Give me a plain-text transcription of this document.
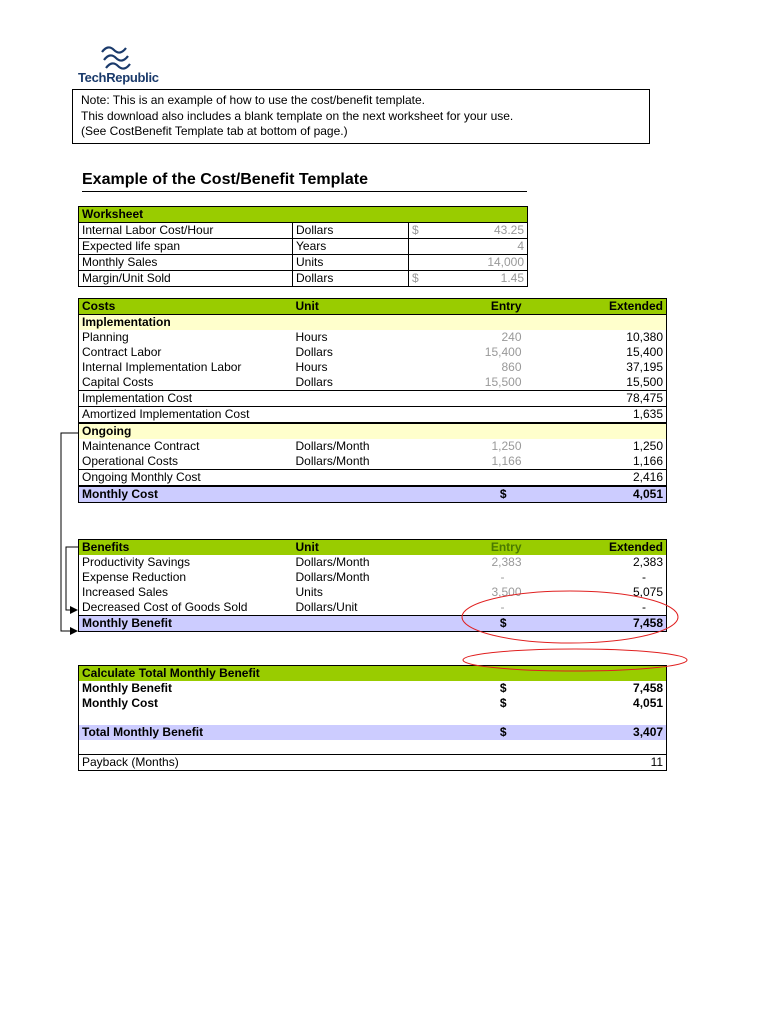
TechRepublic
Note: This is an example of how to use the cost/benefit template.
This download also includes a blank template on the next worksheet for your use.
(See CostBenefit Template tab at bottom of page.)
Example of the Cost/Benefit Template
Worksheet			
Internal Labor Cost/Hour	Dollars	$	43.25
Expected life span	Years		4
Monthly Sales	Units		14,000
Margin/Unit Sold	Dollars	$	1.45
Costs	Unit	Entry	Extended
Implementation			
Planning	Hours	240	10,380
Contract Labor	Dollars	15,400	15,400
Internal Implementation Labor	Hours	860	37,195
Capital Costs	Dollars	15,500	15,500
Implementation Cost			78,475
Amortized Implementation Cost			1,635
Ongoing			
Maintenance Contract	Dollars/Month	1,250	1,250
Operational Costs	Dollars/Month	1,166	1,166
Ongoing Monthly Cost			2,416
Monthly Cost		$	4,051
Benefits	Unit	Entry	Extended
Productivity Savings	Dollars/Month	2,383	2,383
Expense Reduction	Dollars/Month	-	-
Increased Sales	Units	3,500	5,075
Decreased Cost of Goods Sold	Dollars/Unit	-	-
Monthly Benefit		$	7,458
Calculate Total Monthly Benefit		
Monthly Benefit	$	7,458
Monthly Cost	$	4,051

Total Monthly Benefit	$	3,407

Payback (Months)		11
